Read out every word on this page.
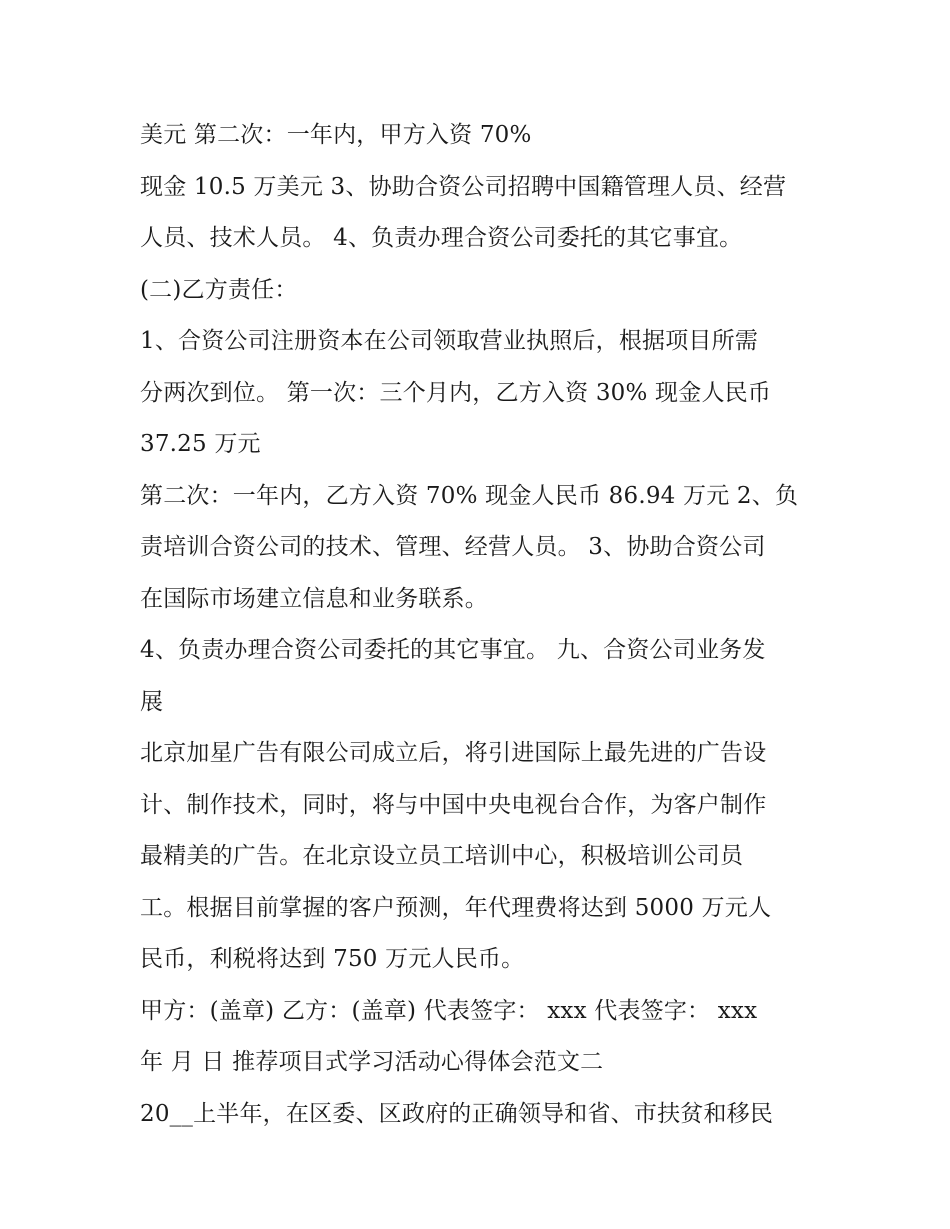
美元 第二次：一年内，甲方入资 70%
现金 10.5 万美元 3、协助合资公司招聘中国籍管理人员、经营
人员、技术人员。 4、负责办理合资公司委托的其它事宜。
(二)乙方责任：
1、合资公司注册资本在公司领取营业执照后，根据项目所需
分两次到位。 第一次：三个月内，乙方入资 30% 现金人民币
37.25 万元
第二次：一年内，乙方入资 70% 现金人民币 86.94 万元 2、负
责培训合资公司的技术、管理、经营人员。 3、协助合资公司
在国际市场建立信息和业务联系。
4、负责办理合资公司委托的其它事宜。 九、合资公司业务发
展
北京加星广告有限公司成立后，将引进国际上最先进的广告设
计、制作技术，同时，将与中国中央电视台合作，为客户制作
最精美的广告。在北京设立员工培训中心，积极培训公司员
工。根据目前掌握的客户预测，年代理费将达到 5000 万元人
民币，利税将达到 750 万元人民币。
甲方：(盖章) 乙方：(盖章) 代表签字： xxx 代表签字： xxx
年 月 日 推荐项目式学习活动心得体会范文二
20__上半年，在区委、区政府的正确领导和省、市扶贫和移民
